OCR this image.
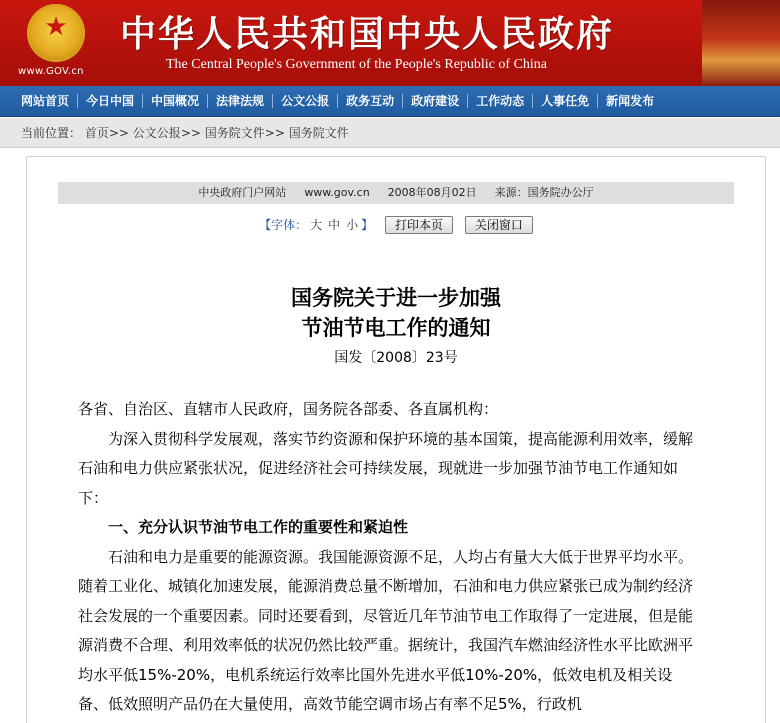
★
www.GOV.cn
中华人民共和国中央人民政府
The Central People's Government of the People's Republic of China
网站首页	今日中国	中国概况	法律法规	公文公报	政务互动	政府建设	工作动态	人事任免	新闻发布
当前位置： 首页>> 公文公报>> 国务院文件>> 国务院文件
中央政府门户网站 www.gov.cn 2008年08月02日 来源：国务院办公厅
【字体： 大 中 小 】 打印本页	关闭窗口
国务院关于进一步加强
节油节电工作的通知
国发〔2008〕23号

各省、自治区、直辖市人民政府，国务院各部委、各直属机构：

为深入贯彻科学发展观，落实节约资源和保护环境的基本国策，提高能源利用效率，缓解石油和电力供应紧张状况，促进经济社会可持续发展，现就进一步加强节油节电工作通知如下：

一、充分认识节油节电工作的重要性和紧迫性

石油和电力是重要的能源资源。我国能源资源不足，人均占有量大大低于世界平均水平。随着工业化、城镇化加速发展，能源消费总量不断增加，石油和电力供应紧张已成为制约经济社会发展的一个重要因素。同时还要看到，尽管近几年节油节电工作取得了一定进展，但是能源消费不合理、利用效率低的状况仍然比较严重。据统计，我国汽车燃油经济性水平比欧洲平均水平低15%-20%，电机系统运行效率比国外先进水平低10%-20%，低效电机及相关设备、低效照明产品仍在大量使用，高效节能空调市场占有率不足5%，行政机
